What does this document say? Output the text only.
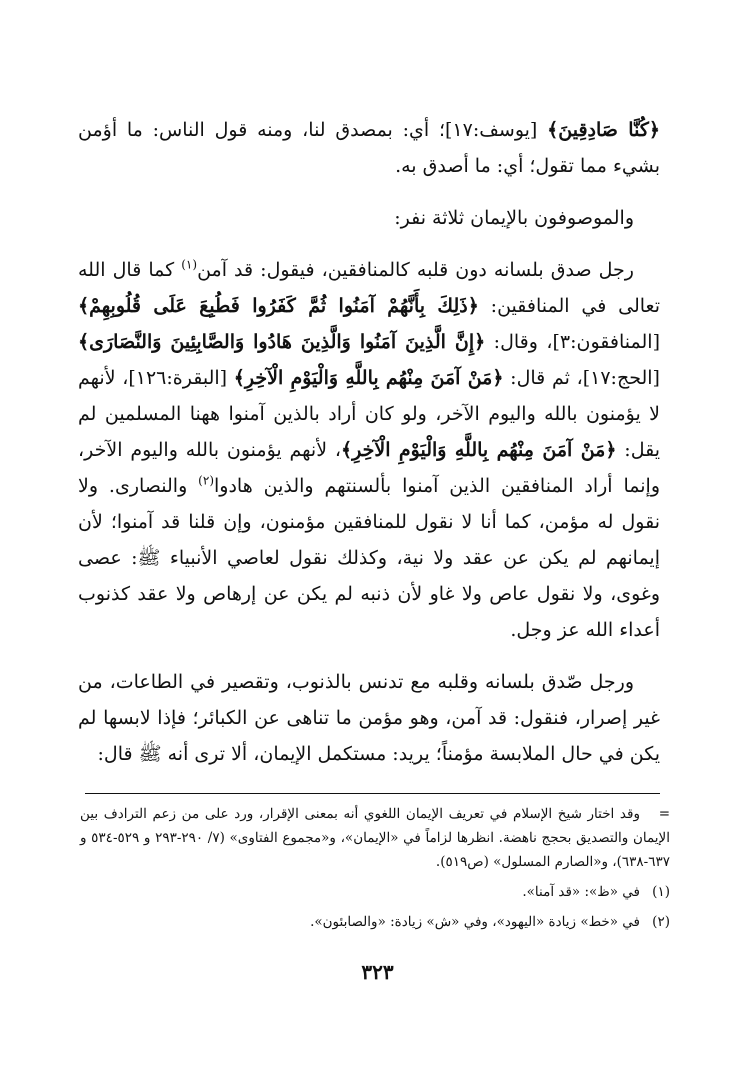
﴿كُنَّا صَادِقِينَ﴾ [يوسف:١٧]؛ أي: بمصدق لنا، ومنه قول الناس: ما أؤمن بشيء مما تقول؛ أي: ما أصدق به.

والموصوفون بالإيمان ثلاثة نفر:

رجل صدق بلسانه دون قلبه كالمنافقين، فيقول: قد آمن$^{(١)}$ كما قال الله تعالى في المنافقين: ﴿ذَلِكَ بِأَنَّهُمْ آمَنُوا ثُمَّ كَفَرُوا فَطُبِعَ عَلَى قُلُوبِهِمْ﴾ [المنافقون:٣]، وقال: ﴿إِنَّ الَّذِينَ آمَنُوا وَالَّذِينَ هَادُوا وَالصَّابِئِينَ وَالنَّصَارَى﴾ [الحج:١٧]، ثم قال: ﴿مَنْ آمَنَ مِنْهُم بِاللَّهِ وَالْيَوْمِ الْآخِرِ﴾ [البقرة:١٢٦]، لأنهم لا يؤمنون بالله واليوم الآخر، ولو كان أراد بالذين آمنوا ههنا المسلمين لم يقل: ﴿مَنْ آمَنَ مِنْهُم بِاللَّهِ وَالْيَوْمِ الْآخِرِ﴾، لأنهم يؤمنون بالله واليوم الآخر، وإنما أراد المنافقين الذين آمنوا بألسنتهم والذين هادوا$^{(٢)}$ والنصارى. ولا نقول له مؤمن، كما أنا لا نقول للمنافقين مؤمنون، وإن قلنا قد آمنوا؛ لأن إيمانهم لم يكن عن عقد ولا نية، وكذلك نقول لعاصي الأنبياء ﷺ: عصى وغوى، ولا نقول عاص ولا غاو لأن ذنبه لم يكن عن إرهاص ولا عقد كذنوب أعداء الله عز وجل.

ورجل صّدق بلسانه وقلبه مع تدنس بالذنوب، وتقصير في الطاعات، من غير إصرار، فنقول: قد آمن، وهو مؤمن ما تناهى عن الكبائر؛ فإذا لابسها لم يكن في حال الملابسة مؤمناً؛ يريد: مستكمل الإيمان، ألا ترى أنه ﷺ قال:

=وقد اختار شيخ الإسلام في تعريف الإيمان اللغوي أنه بمعنى الإقرار، ورد على من زعم الترادف بين الإيمان والتصديق بحجج ناهضة. انظرها لزاماً في «الإيمان»، و«مجموع الفتاوى» (٧/ ٢٩٠-٢٩٣ و ٥٢٩-٥٣٤ و ٦٣٧-٦٣٨)، و«الصارم المسلول» (ص٥١٩).

(١)في «ظ»: «قد آمنا».

(٢)في «خط» زيادة «اليهود»، وفي «ش» زيادة: «والصابئون».

٣٢٣
